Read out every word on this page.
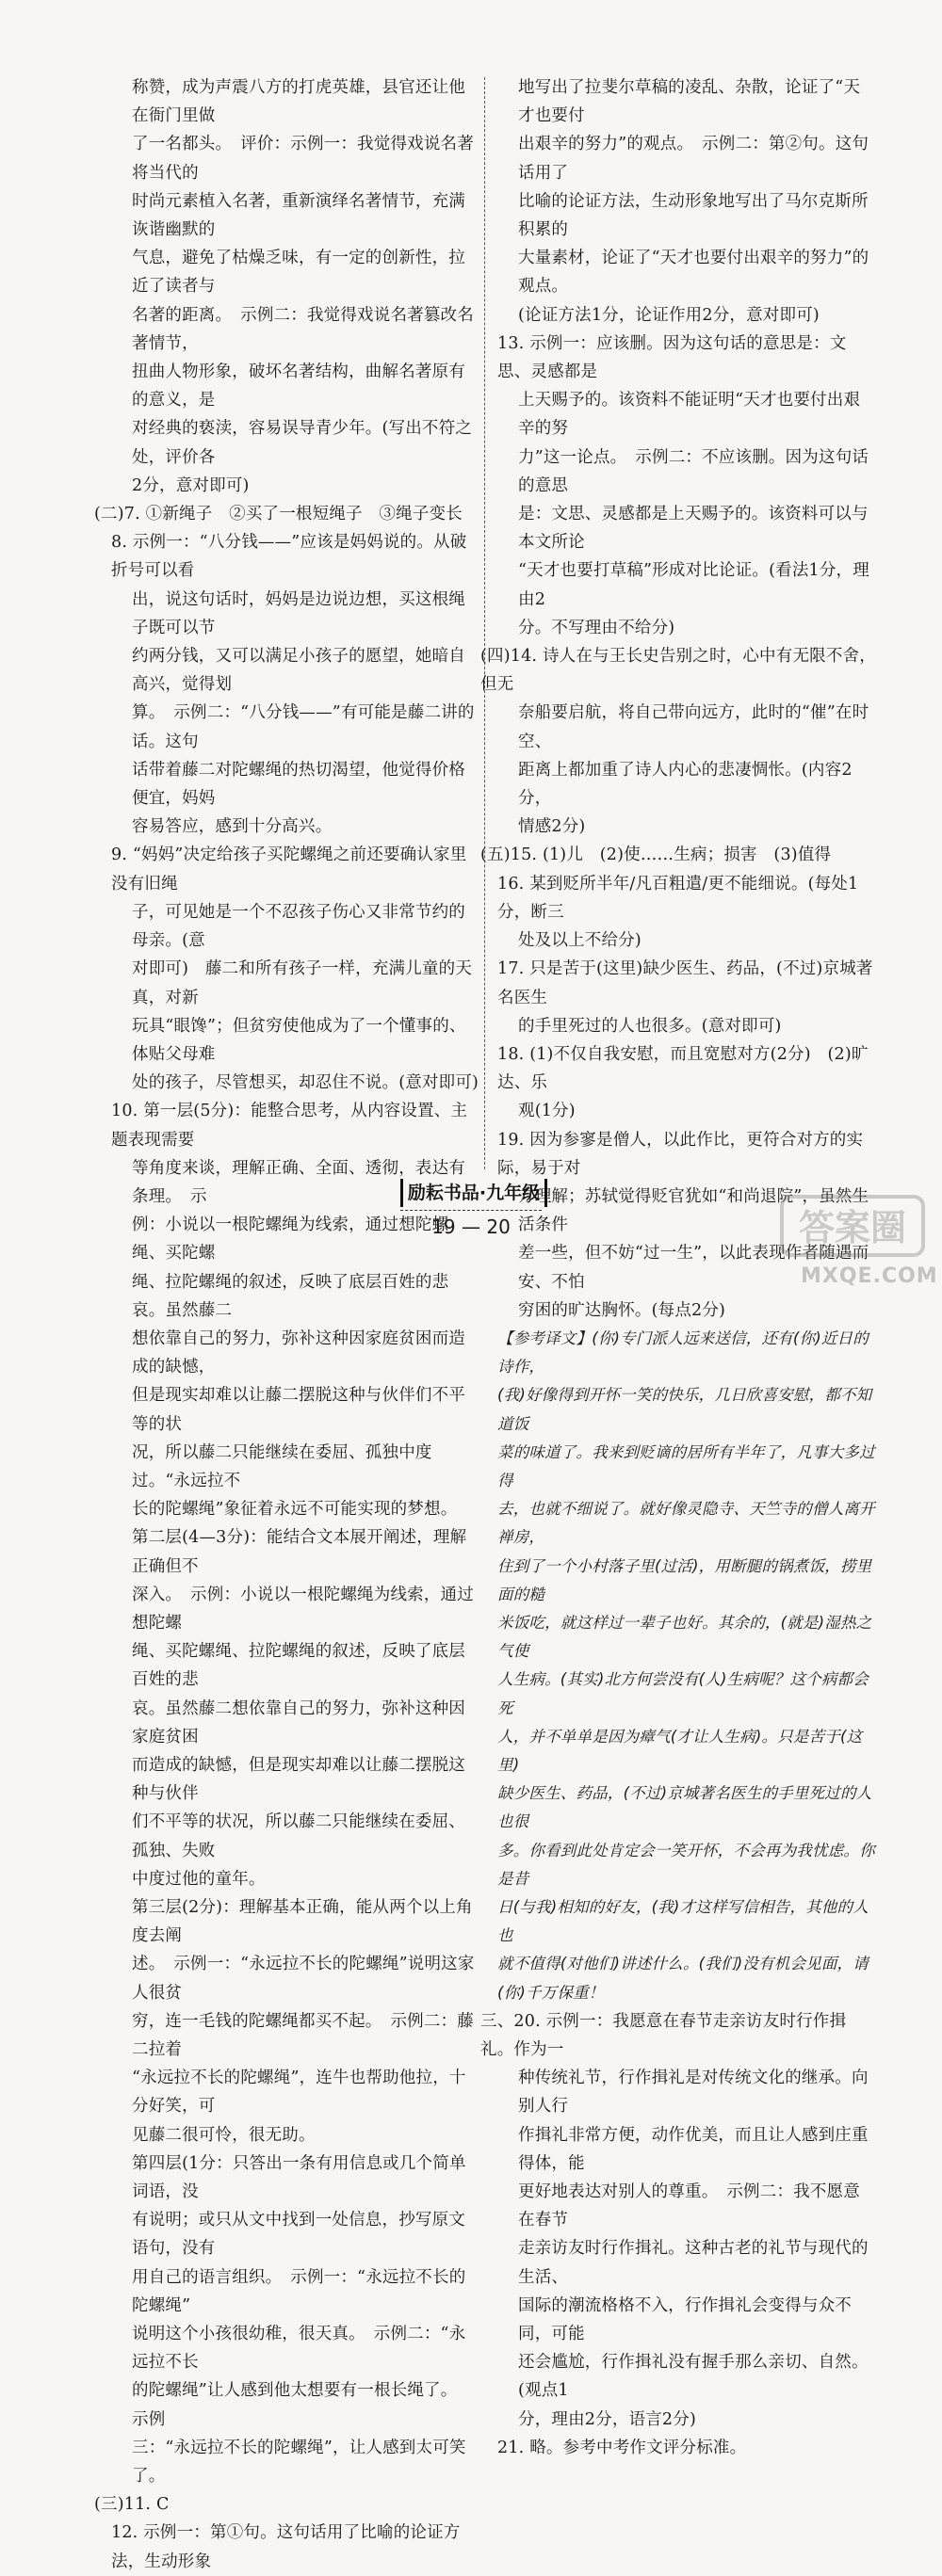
称赞，成为声震八方的打虎英雄，县官还让他在衙门里做
了一名都头。　评价：示例一：我觉得戏说名著将当代的
时尚元素植入名著，重新演绎名著情节，充满诙谐幽默的
气息，避免了枯燥乏味，有一定的创新性，拉近了读者与
名著的距离。　示例二：我觉得戏说名著篡改名著情节，
扭曲人物形象，破坏名著结构，曲解名著原有的意义，是
对经典的亵渎，容易误导青少年。(写出不符之处，评价各
2分，意对即可)
(二)7. ①新绳子　②买了一根短绳子　③绳子变长
8. 示例一：“八分钱——”应该是妈妈说的。从破折号可以看
出，说这句话时，妈妈是边说边想，买这根绳子既可以节
约两分钱，又可以满足小孩子的愿望，她暗自高兴，觉得划
算。　示例二：“八分钱——”有可能是藤二讲的话。这句
话带着藤二对陀螺绳的热切渴望，他觉得价格便宜，妈妈
容易答应，感到十分高兴。
9. “妈妈”决定给孩子买陀螺绳之前还要确认家里没有旧绳
子，可见她是一个不忍孩子伤心又非常节约的母亲。(意
对即可)　藤二和所有孩子一样，充满儿童的天真，对新
玩具“眼馋”；但贫穷使他成为了一个懂事的、体贴父母难
处的孩子，尽管想买，却忍住不说。(意对即可)
10. 第一层(5分)：能整合思考，从内容设置、主题表现需要
等角度来谈，理解正确、全面、透彻，表达有条理。　示
例：小说以一根陀螺绳为线索，通过想陀螺绳、买陀螺
绳、拉陀螺绳的叙述，反映了底层百姓的悲哀。虽然藤二
想依靠自己的努力，弥补这种因家庭贫困而造成的缺憾，
但是现实却难以让藤二摆脱这种与伙伴们不平等的状
况，所以藤二只能继续在委屈、孤独中度过。“永远拉不
长的陀螺绳”象征着永远不可能实现的梦想。
第二层(4—3分)：能结合文本展开阐述，理解正确但不
深入。　示例：小说以一根陀螺绳为线索，通过想陀螺
绳、买陀螺绳、拉陀螺绳的叙述，反映了底层百姓的悲
哀。虽然藤二想依靠自己的努力，弥补这种因家庭贫困
而造成的缺憾，但是现实却难以让藤二摆脱这种与伙伴
们不平等的状况，所以藤二只能继续在委屈、孤独、失败
中度过他的童年。
第三层(2分)：理解基本正确，能从两个以上角度去阐
述。　示例一：“永远拉不长的陀螺绳”说明这家人很贫
穷，连一毛钱的陀螺绳都买不起。　示例二：藤二拉着
“永远拉不长的陀螺绳”，连牛也帮助他拉，十分好笑，可
见藤二很可怜，很无助。
第四层(1分：只答出一条有用信息或几个简单词语，没
有说明；或只从文中找到一处信息，抄写原文语句，没有
用自己的语言组织。　示例一：“永远拉不长的陀螺绳”
说明这个小孩很幼稚，很天真。　示例二：“永远拉不长
的陀螺绳”让人感到他太想要有一根长绳了。　示例
三：“永远拉不长的陀螺绳”，让人感到太可笑了。
(三)11. C
12. 示例一：第①句。这句话用了比喻的论证方法，生动形象
地写出了拉斐尔草稿的凌乱、杂散，论证了“天才也要付
出艰辛的努力”的观点。　示例二：第②句。这句话用了
比喻的论证方法，生动形象地写出了马尔克斯所积累的
大量素材，论证了“天才也要付出艰辛的努力”的观点。
(论证方法1分，论证作用2分，意对即可)
13. 示例一：应该删。因为这句话的意思是：文思、灵感都是
上天赐予的。该资料不能证明“天才也要付出艰辛的努
力”这一论点。　示例二：不应该删。因为这句话的意思
是：文思、灵感都是上天赐予的。该资料可以与本文所论
“天才也要打草稿”形成对比论证。(看法1分，理由2
分。不写理由不给分)
(四)14. 诗人在与王长史告别之时，心中有无限不舍，但无
奈船要启航，将自己带向远方，此时的“催”在时空、
距离上都加重了诗人内心的悲凄惆怅。(内容2分，
情感2分)
(五)15. (1)儿　(2)使……生病；损害　(3)值得
16. 某到贬所半年/凡百粗遣/更不能细说。(每处1分，断三
处及以上不给分)
17. 只是苦于(这里)缺少医生、药品，(不过)京城著名医生
的手里死过的人也很多。(意对即可)
18. (1)不仅自我安慰，而且宽慰对方(2分)　(2)旷达、乐
观(1分)
19. 因为参寥是僧人，以此作比，更符合对方的实际，易于对
方理解；苏轼觉得贬官犹如“和尚退院”，虽然生活条件
差一些，但不妨“过一生”，以此表现作者随遇而安、不怕
穷困的旷达胸怀。(每点2分)
【参考译文】(你)专门派人远来送信，还有(你)近日的诗作，
(我)好像得到开怀一笑的快乐，几日欣喜安慰，都不知道饭
菜的味道了。我来到贬谪的居所有半年了，凡事大多过得
去，也就不细说了。就好像灵隐寺、天竺寺的僧人离开禅房，
住到了一个小村落子里(过活)，用断腿的锅煮饭，捞里面的糙
米饭吃，就这样过一辈子也好。其余的，(就是)湿热之气使
人生病。(其实)北方何尝没有(人)生病呢？这个病都会死
人，并不单单是因为瘴气(才让人生病)。只是苦于(这里)
缺少医生、药品，(不过)京城著名医生的手里死过的人也很
多。你看到此处肯定会一笑开怀，不会再为我忧虑。你是昔
日(与我)相知的好友，(我)才这样写信相告，其他的人也
就不值得(对他们)讲述什么。(我们)没有机会见面，请
(你)千万保重！
三、20. 示例一：我愿意在春节走亲访友时行作揖礼。作为一
种传统礼节，行作揖礼是对传统文化的继承。向别人行
作揖礼非常方便，动作优美，而且让人感到庄重得体，能
更好地表达对别人的尊重。　示例二：我不愿意在春节
走亲访友时行作揖礼。这种古老的礼节与现代的生活、
国际的潮流格格不入，行作揖礼会变得与众不同，可能
还会尴尬，行作揖礼没有握手那么亲切、自然。(观点1
分，理由2分，语言2分)
21. 略。参考中考作文评分标准。
励耘书品·九年级
19 — 20	答案圈
MXQE.COM
